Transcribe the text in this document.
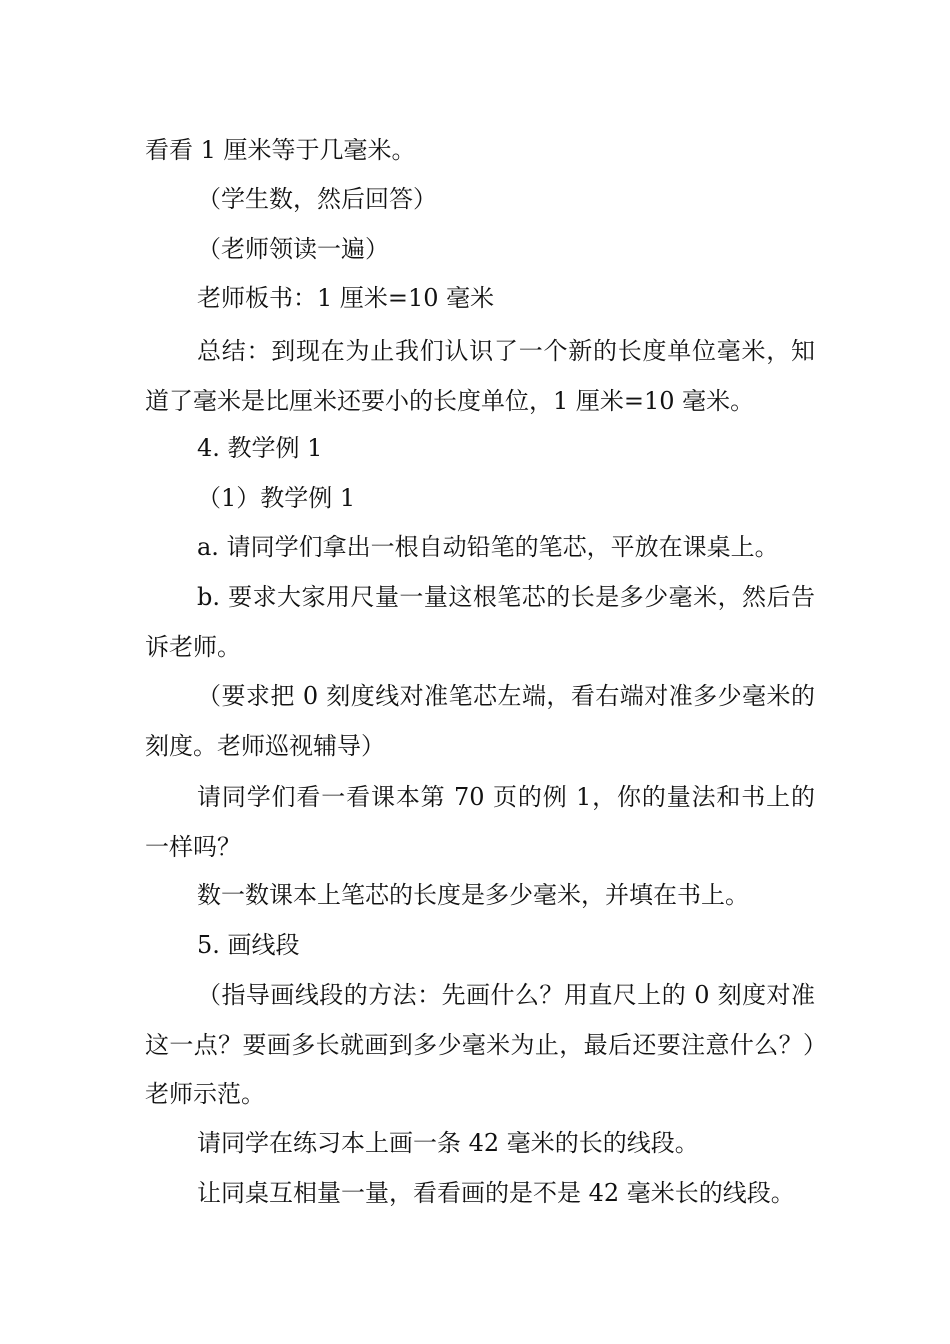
看看 1 厘米等于几毫米。

（学生数，然后回答）

（老师领读一遍）

老师板书：1 厘米=10 毫米

总结：到现在为止我们认识了一个新的长度单位毫米，知道了毫米是比厘米还要小的长度单位，1 厘米=10 毫米。

4. 教学例 1

（1）教学例 1

a. 请同学们拿出一根自动铅笔的笔芯，平放在课桌上。

b. 要求大家用尺量一量这根笔芯的长是多少毫米，然后告诉老师。

（要求把 0 刻度线对准笔芯左端，看右端对准多少毫米的刻度。老师巡视辅导）

请同学们看一看课本第 70 页的例 1，你的量法和书上的一样吗？

数一数课本上笔芯的长度是多少毫米，并填在书上。

5. 画线段

（指导画线段的方法：先画什么？用直尺上的 0 刻度对准这一点？要画多长就画到多少毫米为止，最后还要注意什么？）老师示范。

请同学在练习本上画一条 42 毫米的长的线段。

让同桌互相量一量，看看画的是不是 42 毫米长的线段。
